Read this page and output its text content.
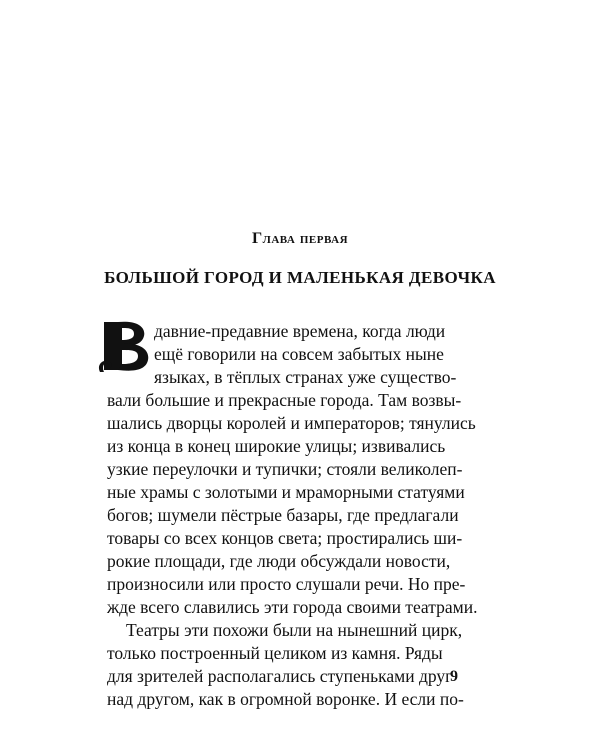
Глава первая
БОЛЬШОЙ ГОРОД И МАЛЕНЬКАЯ ДЕВОЧКА
давние-предавние времена, когда люди
ещё говорили на совсем забытых ныне
языках, в тёплых странах уже существо-
вали большие и прекрасные города. Там возвы-
шались дворцы королей и императоров; тянулись
из конца в конец широкие улицы; извивались
узкие переулочки и тупички; стояли великолеп-
ные храмы с золотыми и мраморными статуями
богов; шумели пёстрые базары, где предлагали
товары со всех концов света; простирались ши-
рокие площади, где люди обсуждали новости,
произносили или просто слушали речи. Но пре-
жде всего славились эти города своими театрами.
Театры эти похожи были на нынешний цирк,
только построенный целиком из камня. Ряды
для зрителей располагались ступеньками друг
над другом, как в огромной воронке. И если по-
9
